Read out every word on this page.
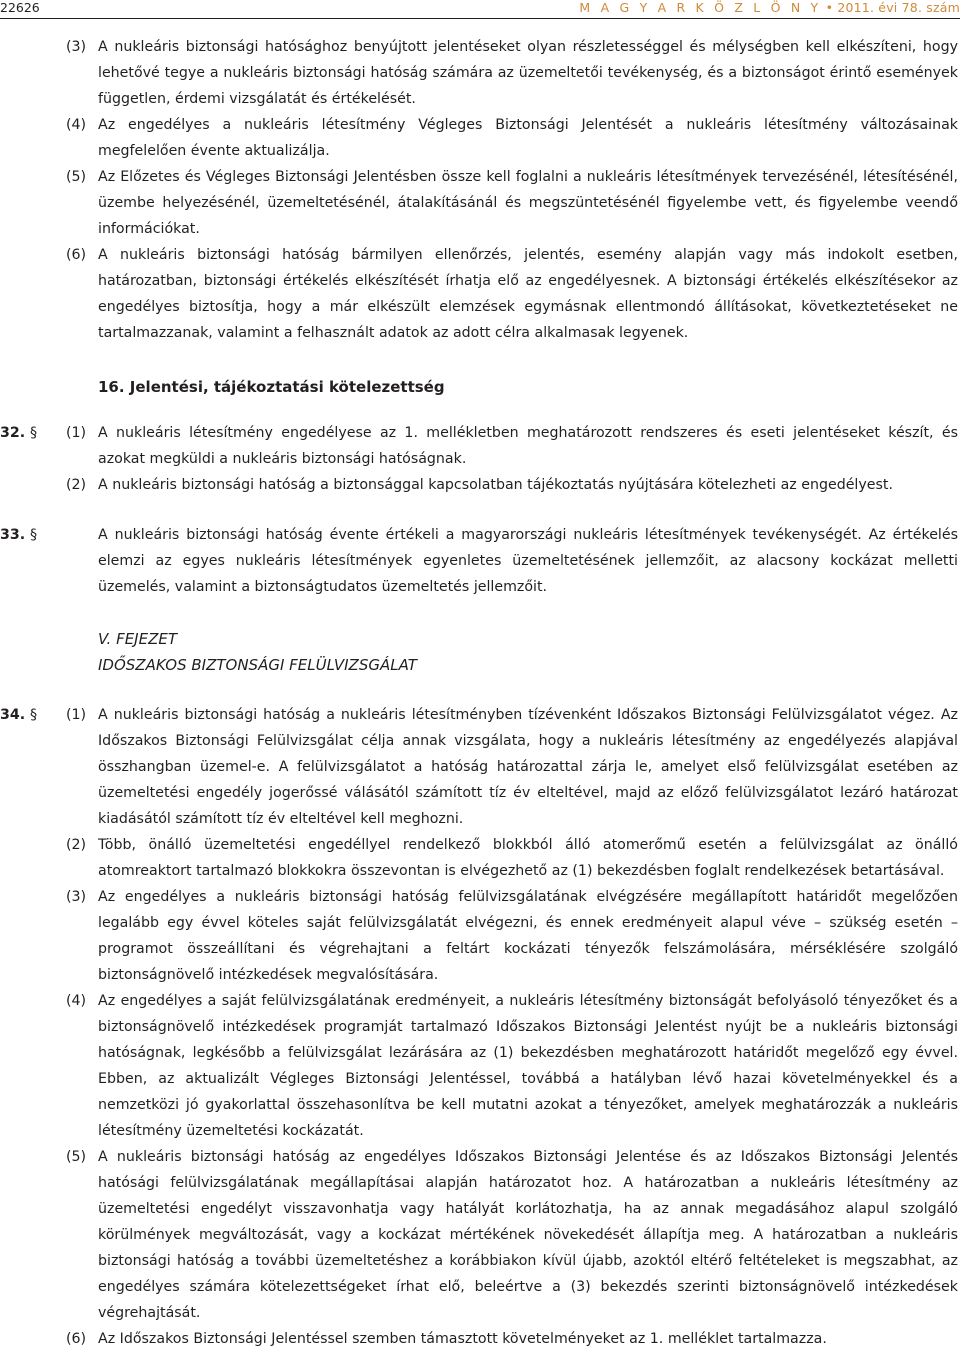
22626	M A G Y A R K Ö Z L Ö N Y • 2011. évi 78. szám
(3) A nukleáris biztonsági hatósághoz benyújtott jelentéseket olyan részletességgel és mélységben kell elkészíteni, hogy lehetővé tegye a nukleáris biztonsági hatóság számára az üzemeltetői tevékenység, és a biztonságot érintő események független, érdemi vizsgálatát és értékelését.
(4) Az engedélyes a nukleáris létesítmény Végleges Biztonsági Jelentését a nukleáris létesítmény változásainak megfelelően évente aktualizálja.
(5) Az Előzetes és Végleges Biztonsági Jelentésben össze kell foglalni a nukleáris létesítmények tervezésénél, létesítésénél, üzembe helyezésénél, üzemeltetésénél, átalakításánál és megszüntetésénél figyelembe vett, és figyelembe veendő információkat.
(6) A nukleáris biztonsági hatóság bármilyen ellenőrzés, jelentés, esemény alapján vagy más indokolt esetben, határozatban, biztonsági értékelés elkészítését írhatja elő az engedélyesnek. A biztonsági értékelés elkészítésekor az engedélyes biztosítja, hogy a már elkészült elemzések egymásnak ellentmondó állításokat, következtetéseket ne tartalmazzanak, valamint a felhasznált adatok az adott célra alkalmasak legyenek.
16. Jelentési, tájékoztatási kötelezettség
32. §	(1) A nukleáris létesítmény engedélyese az 1. mellékletben meghatározott rendszeres és eseti jelentéseket készít, és azokat megküldi a nukleáris biztonsági hatóságnak.
(2) A nukleáris biztonsági hatóság a biztonsággal kapcsolatban tájékoztatás nyújtására kötelezheti az engedélyest.
33. §	A nukleáris biztonsági hatóság évente értékeli a magyarországi nukleáris létesítmények tevékenységét. Az értékelés elemzi az egyes nukleáris létesítmények egyenletes üzemeltetésének jellemzőit, az alacsony kockázat melletti üzemelés, valamint a biztonságtudatos üzemeltetés jellemzőit.
V. FEJEZET
IDŐSZAKOS BIZTONSÁGI FELÜLVIZSGÁLAT
34. §	(1) A nukleáris biztonsági hatóság a nukleáris létesítményben tízévenként Időszakos Biztonsági Felülvizsgálatot végez. Az Időszakos Biztonsági Felülvizsgálat célja annak vizsgálata, hogy a nukleáris létesítmény az engedélyezés alapjával összhangban üzemel-e. A felülvizsgálatot a hatóság határozattal zárja le, amelyet első felülvizsgálat esetében az üzemeltetési engedély jogerőssé válásától számított tíz év elteltével, majd az előző felülvizsgálatot lezáró határozat kiadásától számított tíz év elteltével kell meghozni.
(2) Több, önálló üzemeltetési engedéllyel rendelkező blokkból álló atomerőmű esetén a felülvizsgálat az önálló atomreaktort tartalmazó blokkokra összevontan is elvégezhető az (1) bekezdésben foglalt rendelkezések betartásával.
(3) Az engedélyes a nukleáris biztonsági hatóság felülvizsgálatának elvégzésére megállapított határidőt megelőzően legalább egy évvel köteles saját felülvizsgálatát elvégezni, és ennek eredményeit alapul véve – szükség esetén – programot összeállítani és végrehajtani a feltárt kockázati tényezők felszámolására, mérséklésére szolgáló biztonságnövelő intézkedések megvalósítására.
(4) Az engedélyes a saját felülvizsgálatának eredményeit, a nukleáris létesítmény biztonságát befolyásoló tényezőket és a biztonságnövelő intézkedések programját tartalmazó Időszakos Biztonsági Jelentést nyújt be a nukleáris biztonsági hatóságnak, legkésőbb a felülvizsgálat lezárására az (1) bekezdésben meghatározott határidőt megelőző egy évvel. Ebben, az aktualizált Végleges Biztonsági Jelentéssel, továbbá a hatályban lévő hazai követelményekkel és a nemzetközi jó gyakorlattal összehasonlítva be kell mutatni azokat a tényezőket, amelyek meghatározzák a nukleáris létesítmény üzemeltetési kockázatát.
(5) A nukleáris biztonsági hatóság az engedélyes Időszakos Biztonsági Jelentése és az Időszakos Biztonsági Jelentés hatósági felülvizsgálatának megállapításai alapján határozatot hoz. A határozatban a nukleáris létesítmény az üzemeltetési engedélyt visszavonhatja vagy hatályát korlátozhatja, ha az annak megadásához alapul szolgáló körülmények megváltozását, vagy a kockázat mértékének növekedését állapítja meg. A határozatban a nukleáris biztonsági hatóság a további üzemeltetéshez a korábbiakon kívül újabb, azoktól eltérő feltételeket is megszabhat, az engedélyes számára kötelezettségeket írhat elő, beleértve a (3) bekezdés szerinti biztonságnövelő intézkedések végrehajtását.
(6) Az Időszakos Biztonsági Jelentéssel szemben támasztott követelményeket az 1. melléklet tartalmazza.
